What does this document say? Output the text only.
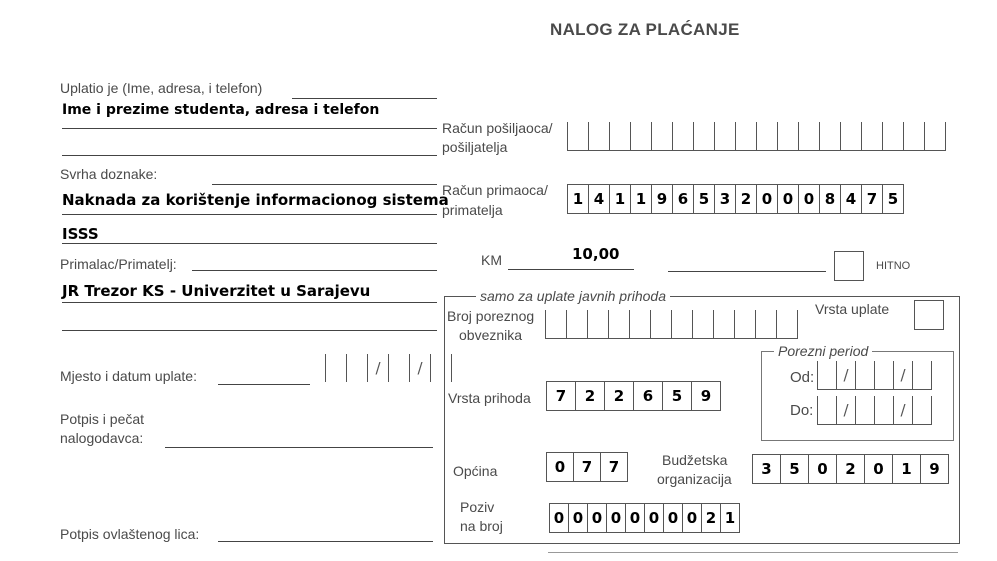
NALOG ZA PLAĆANJE
Uplatio je (Ime, adresa, i telefon)
Ime i prezime studenta, adresa i telefon
Svrha doznake:
Naknada za korištenje informacionog sistema
ISSS
Primalac/Primatelj:
JR Trezor KS - Univerzitet u Sarajevu
Mjesto i datum uplate:	/	/
Potpis i pečat
nalogodavca:
Potpis ovlaštenog lica:
Račun pošiljaoca/
pošiljatelja
Račun primaoca/
primatelja
1 4 1 1 9 6 5 3 2 0 0 0 8 4 7 5
KM	10,00
HITNO
samo za uplate javnih prihoda
Broj poreznog
obveznika
Vrsta uplate
Porezni period
Od:	/	/
Do:	/	/
Vrsta prihoda	7	2	2	6	5	9
Općina	0	7	7	Budžetska
organizacija
3	5	0	2	0	1	9
Poziv
na broj	0 0 0 0 0 0 0 0 2 1
